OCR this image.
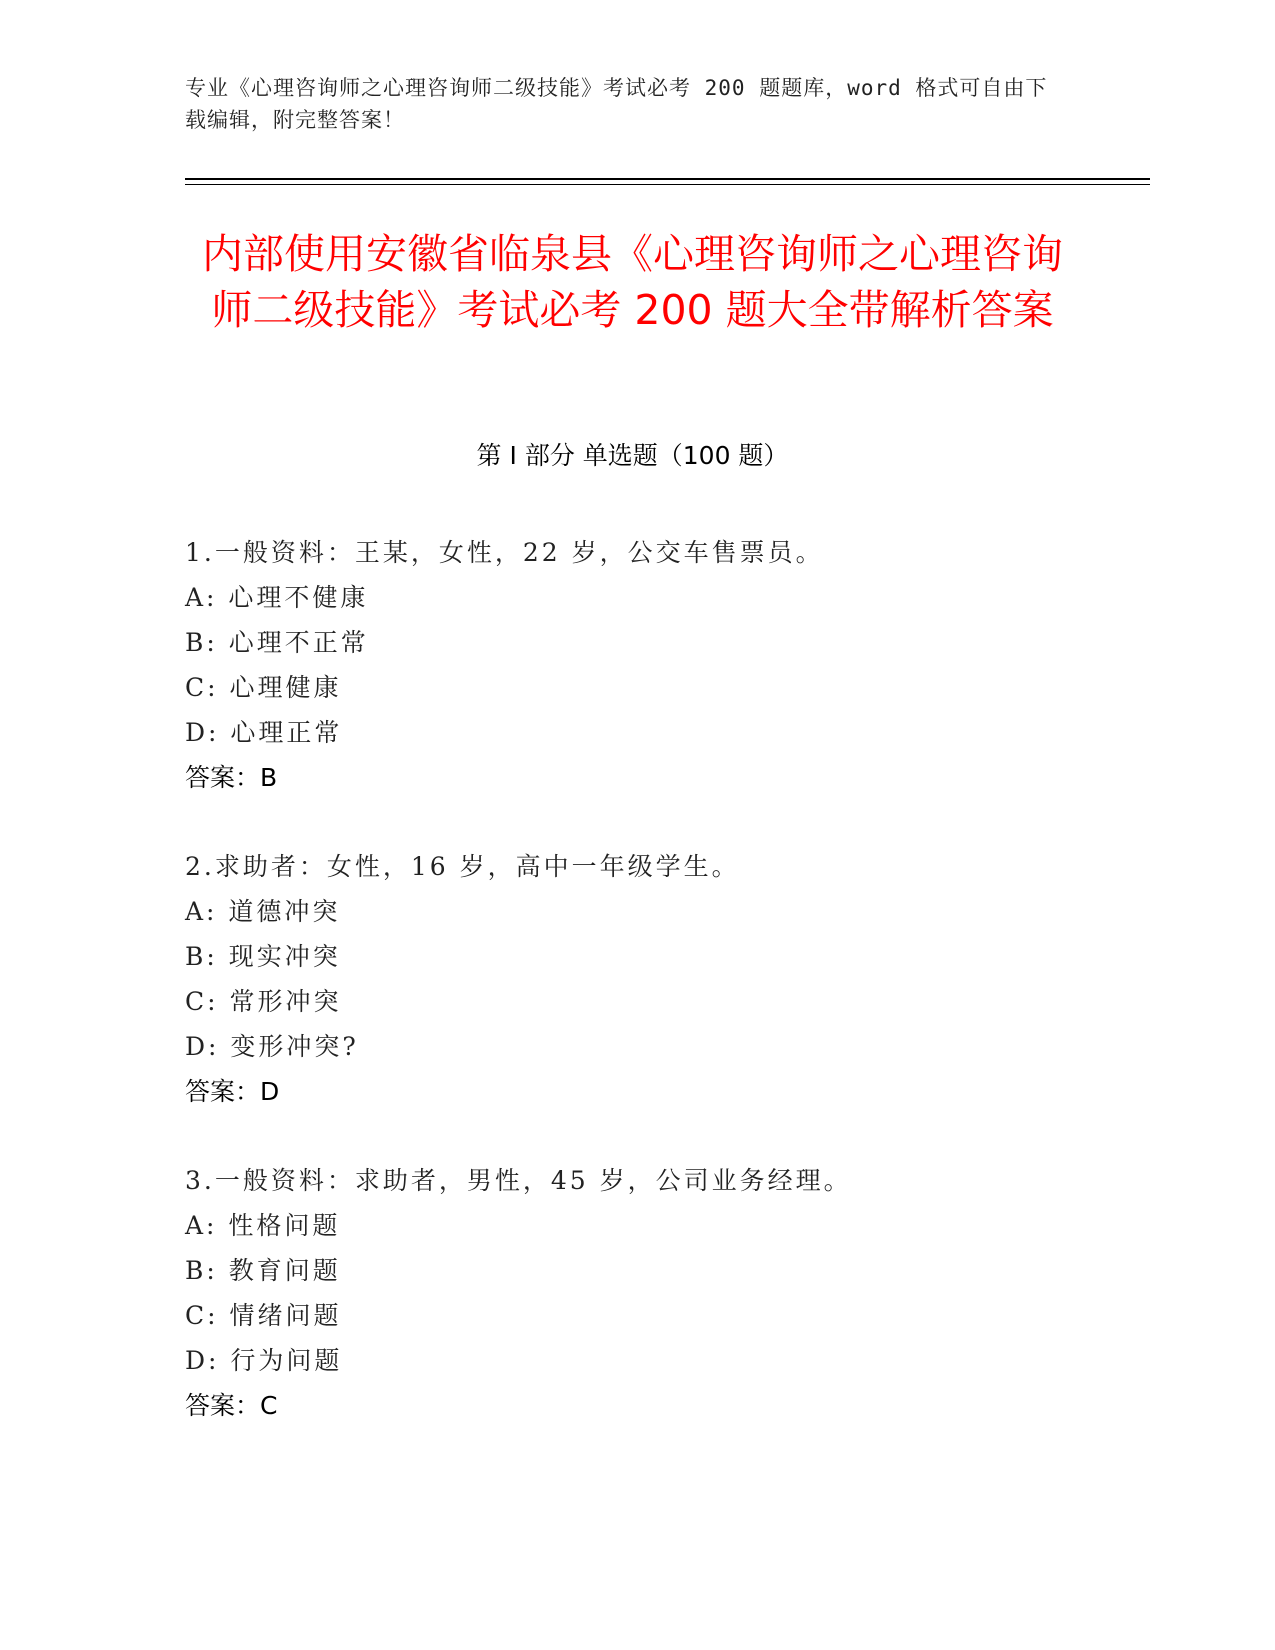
专业《心理咨询师之心理咨询师二级技能》考试必考 200 题题库，word 格式可自由下载编辑，附完整答案！
内部使用安徽省临泉县《心理咨询师之心理咨询师二级技能》考试必考 200 题大全带解析答案
第 I 部分 单选题（100 题）
1.一般资料：王某，女性，22 岁，公交车售票员。
A: 心理不健康
B: 心理不正常
C: 心理健康
D: 心理正常
答案：B
2.求助者：女性，16 岁，高中一年级学生。
A: 道德冲突
B: 现实冲突
C: 常形冲突
D: 变形冲突?
答案：D
3.一般资料：求助者，男性，45 岁，公司业务经理。
A: 性格问题
B: 教育问题
C: 情绪问题
D: 行为问题
答案：C
